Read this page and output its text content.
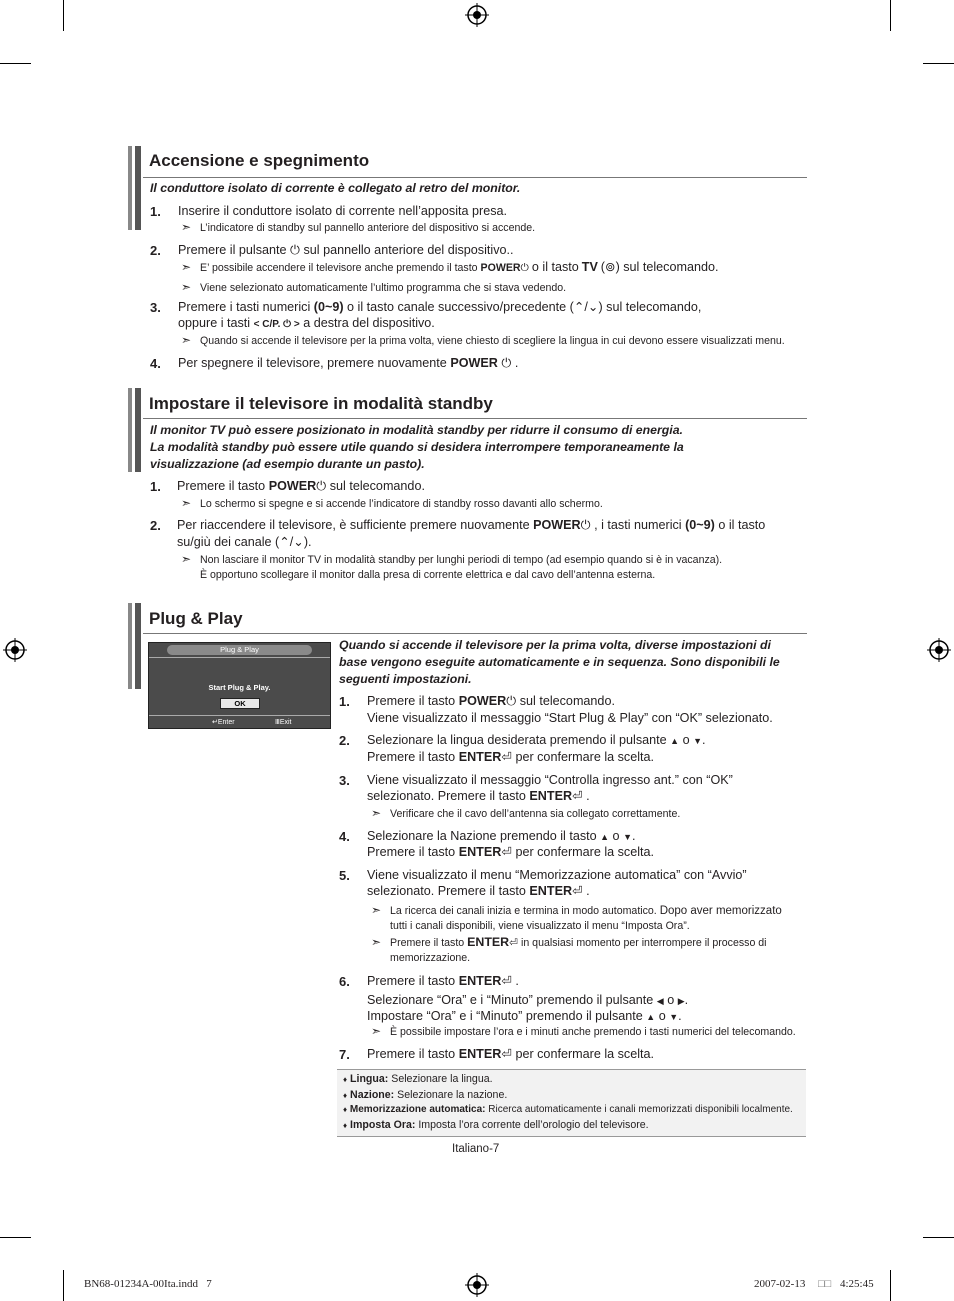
Accensione e spegnimento
Il conduttore isolato di corrente è collegato al retro del monitor.
1. Inserire il conduttore isolato di corrente nell’apposita presa.
➣ L’indicatore di standby sul pannello anteriore del dispositivo si accende.
2. Premere il pulsante ⏻ sul pannello anteriore del dispositivo..
➣ E’ possibile accendere il televisore anche premendo il tasto POWER⏻ o il tasto TV (⊚) sul telecomando.
➣ Viene selezionato automaticamente l’ultimo programma che si stava vedendo.
3. Premere i tasti numerici (0~9) o il tasto canale successivo/precedente (⌃/⌄) sul telecomando,
oppure i tasti < C/P. ⏻ > a destra del dispositivo.
➣ Quando si accende il televisore per la prima volta, viene chiesto di scegliere la lingua in cui devono essere visualizzati menu.
4. Per spegnere il televisore, premere nuovamente POWER ⏻ .
Impostare il televisore in modalità standby
Il monitor TV può essere posizionato in modalità standby per ridurre il consumo di energia.
La modalità standby può essere utile quando si desidera interrompere temporaneamente la
visualizzazione (ad esempio durante un pasto).
1. Premere il tasto POWER⏻ sul telecomando.
➣ Lo schermo si spegne e si accende l’indicatore di standby rosso davanti allo schermo.
2. Per riaccendere il televisore, è sufficiente premere nuovamente POWER⏻ , i tasti numerici (0~9) o il tasto
su/giù dei canale (⌃/⌄).
➣ Non lasciare il monitor TV in modalità standby per lunghi periodi di tempo (ad esempio quando si è in vacanza).
È opportuno scollegare il monitor dalla presa di corrente elettrica e dal cavo dell’antenna esterna.
Plug & Play
Plug & Play
Start Plug & Play.
OK
↵Enter	ⅢExit
Quando si accende il televisore per la prima volta, diverse impostazioni di
base vengono eseguite automaticamente e in sequenza. Sono disponibili le
seguenti impostazioni.
1. Premere il tasto POWER⏻ sul telecomando.
Viene visualizzato il messaggio “Start Plug & Play” con “OK” selezionato.
2. Selezionare la lingua desiderata premendo il pulsante ▲ o ▼.
Premere il tasto ENTER⏎ per confermare la scelta.
3. Viene visualizzato il messaggio “Controlla ingresso ant.” con “OK”
selezionato. Premere il tasto ENTER⏎ .
➣ Verificare che il cavo dell’antenna sia collegato correttamente.
4. Selezionare la Nazione premendo il tasto ▲ o ▼.
Premere il tasto ENTER⏎ per confermare la scelta.
5. Viene visualizzato il menu “Memorizzazione automatica” con “Avvio”
selezionato. Premere il tasto ENTER⏎ .
➣ La ricerca dei canali inizia e termina in modo automatico. Dopo aver memorizzato
tutti i canali disponibili, viene visualizzato il menu “Imposta Ora”.
➣ Premere il tasto ENTER⏎ in qualsiasi momento per interrompere il processo di
memorizzazione.
6. Premere il tasto ENTER⏎ .
Selezionare “Ora” e i “Minuto” premendo il pulsante ◀ o ▶.
Impostare “Ora” e i “Minuto” premendo il pulsante ▲ o ▼.
➣ È possibile impostare l’ora e i minuti anche premendo i tasti numerici del telecomando.
7. Premere il tasto ENTER⏎ per confermare la scelta.
♦ Lingua: Selezionare la lingua.
♦ Nazione: Selezionare la nazione.
♦ Memorizzazione automatica: Ricerca automaticamente i canali memorizzati disponibili localmente.
♦ Imposta Ora: Imposta l’ora corrente dell’orologio del televisore.
Italiano-7
BN68-01234A-00Ita.indd   7	2007-02-13 □□ 4:25:45
